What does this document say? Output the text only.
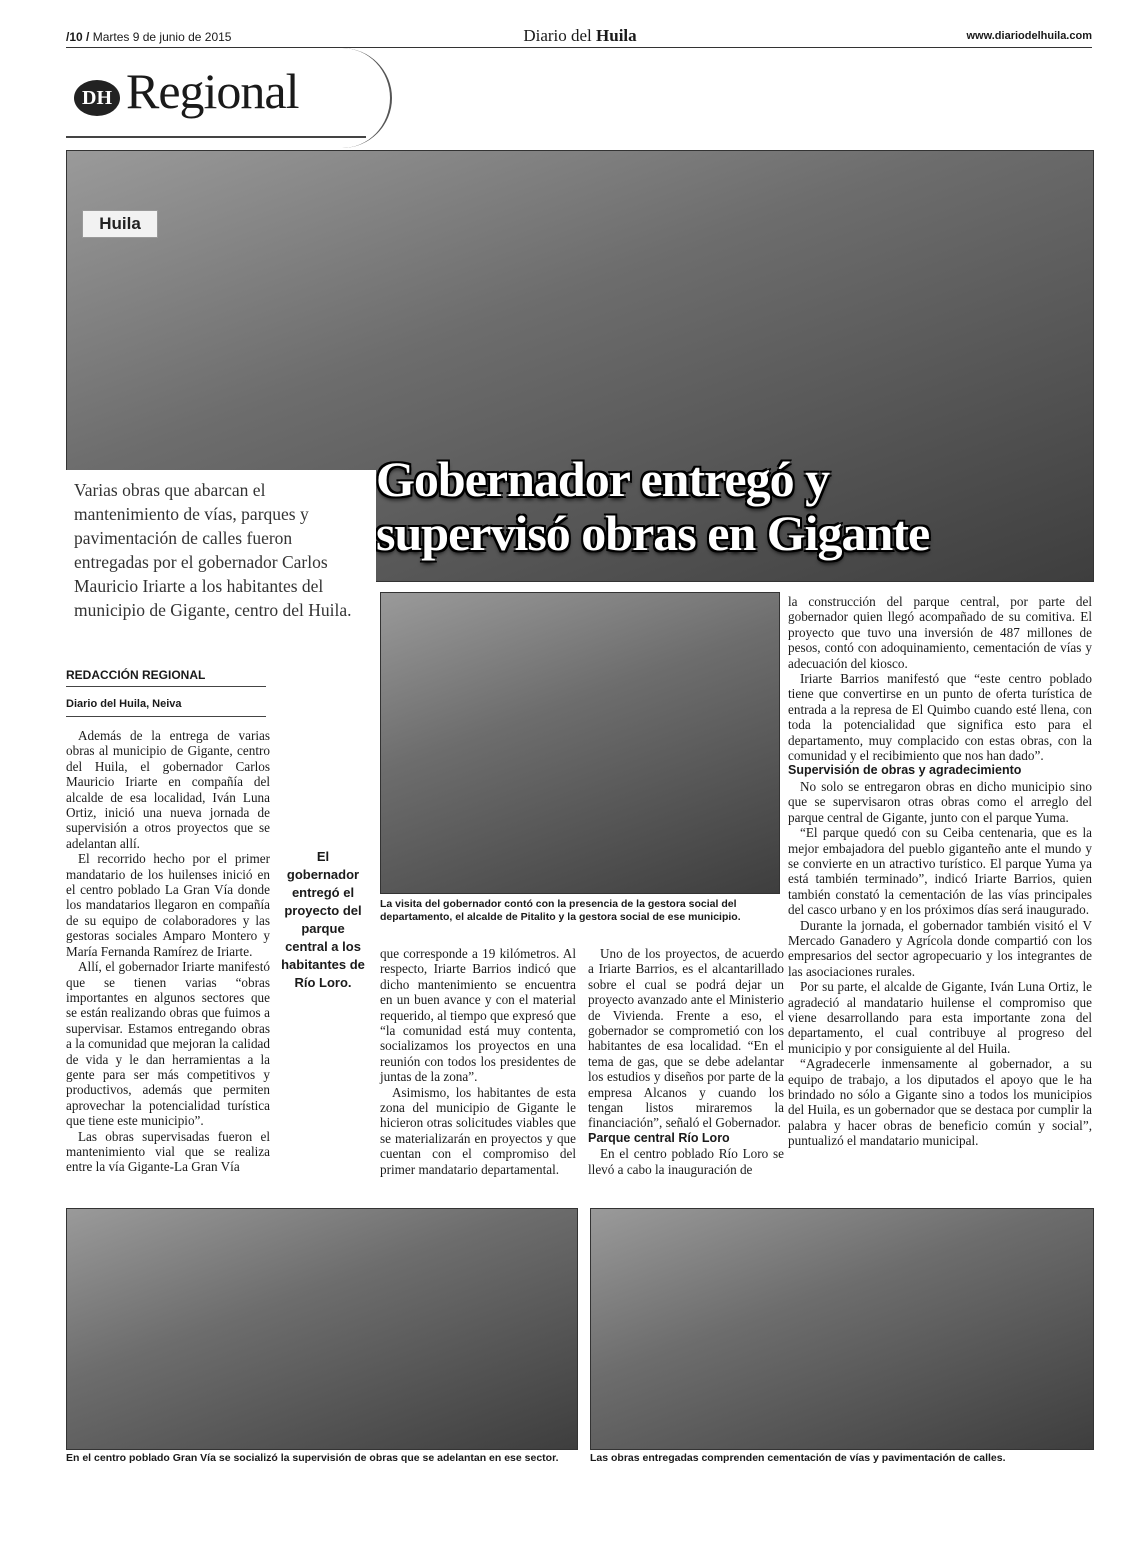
/10 / Martes 9 de junio de 2015	Diario del Huila	www.diariodelhuila.com
DH Regional
Huila
Gobernador entregó y
supervisó obras en Gigante
Varias obras que abarcan el mantenimiento de vías, parques y pavimentación de calles fueron entregadas por el gobernador Carlos Mauricio Iriarte a los habitantes del municipio de Gigante, centro del Huila.
REDACCIÓN REGIONAL
Diario del Huila, Neiva

Además de la entrega de varias obras al municipio de Gigante, centro del Huila, el gobernador Carlos Mauricio Iriarte en compañía del alcalde de esa localidad, Iván Luna Ortiz, inició una nueva jornada de supervisión a otros proyectos que se adelantan allí.

El recorrido hecho por el primer mandatario de los huilenses inició en el centro poblado La Gran Vía donde los mandatarios llegaron en compañía de su equipo de colaboradores y las gestoras sociales Amparo Montero y María Fernanda Ramírez de Iriarte.

Allí, el gobernador Iriarte manifestó que se tienen varias “obras importantes en algunos sectores que se están realizando obras que fuimos a supervisar. Estamos entregando obras a la comunidad que mejoran la calidad de vida y le dan herramientas a la gente para ser más competitivos y productivos, además que permiten aprovechar la potencialidad turística que tiene este municipio”.

Las obras supervisadas fueron el mantenimiento vial que se realiza entre la vía Gigante-La Gran Vía

El gobernador entregó el proyecto del parque central a los habitantes de Río Loro.
La visita del gobernador contó con la presencia de la gestora social del departamento, el alcalde de Pitalito y la gestora social de ese municipio.

que corresponde a 19 kilómetros. Al respecto, Iriarte Barrios indicó que dicho mantenimiento se encuentra en un buen avance y con el material requerido, al tiempo que expresó que “la comunidad está muy contenta, socializamos los proyectos en una reunión con todos los presidentes de juntas de la zona”.

Asimismo, los habitantes de esta zona del municipio de Gigante le hicieron otras solicitudes viables que se materializarán en proyectos y que cuentan con el compromiso del primer mandatario departamental.

Uno de los proyectos, de acuerdo a Iriarte Barrios, es el alcantarillado sobre el cual se podrá dejar un proyecto avanzado ante el Ministerio de Vivienda. Frente a eso, el gobernador se comprometió con los habitantes de esa localidad. “En el tema de gas, que se debe adelantar los estudios y diseños por parte de la empresa Alcanos y cuando los tengan listos miraremos la financiación”, señaló el Gobernador.

Parque central Río Loro

En el centro poblado Río Loro se llevó a cabo la inauguración de

la construcción del parque central, por parte del gobernador quien llegó acompañado de su comitiva. El proyecto que tuvo una inversión de 487 millones de pesos, contó con adoquinamiento, cementación de vías y adecuación del kiosco.

Iriarte Barrios manifestó que “este centro poblado tiene que convertirse en un punto de oferta turística de entrada a la represa de El Quimbo cuando esté llena, con toda la potencialidad que significa esto para el departamento, muy complacido con estas obras, con la comunidad y el recibimiento que nos han dado”.

Supervisión de obras y agradecimiento

No solo se entregaron obras en dicho municipio sino que se supervisaron otras obras como el arreglo del parque central de Gigante, junto con el parque Yuma.

“El parque quedó con su Ceiba centenaria, que es la mejor embajadora del pueblo giganteño ante el mundo y se convierte en un atractivo turístico. El parque Yuma ya está también terminado”, indicó Iriarte Barrios, quien también constató la cementación de las vías principales del casco urbano y en los próximos días será inaugurado.

Durante la jornada, el gobernador también visitó el V Mercado Ganadero y Agrícola donde compartió con los empresarios del sector agropecuario y los integrantes de las asociaciones rurales.

Por su parte, el alcalde de Gigante, Iván Luna Ortiz, le agradeció al mandatario huilense el compromiso que viene desarrollando para esta importante zona del departamento, el cual contribuye al progreso del municipio y por consiguiente al del Huila.

“Agradecerle inmensamente al gobernador, a su equipo de trabajo, a los diputados el apoyo que le ha brindado no sólo a Gigante sino a todos los municipios del Huila, es un gobernador que se destaca por cumplir la palabra y hacer obras de beneficio común y social”, puntualizó el mandatario municipal.

En el centro poblado Gran Vía se socializó la supervisión de obras que se adelantan en ese sector.	Las obras entregadas comprenden cementación de vías y pavimentación de calles.
